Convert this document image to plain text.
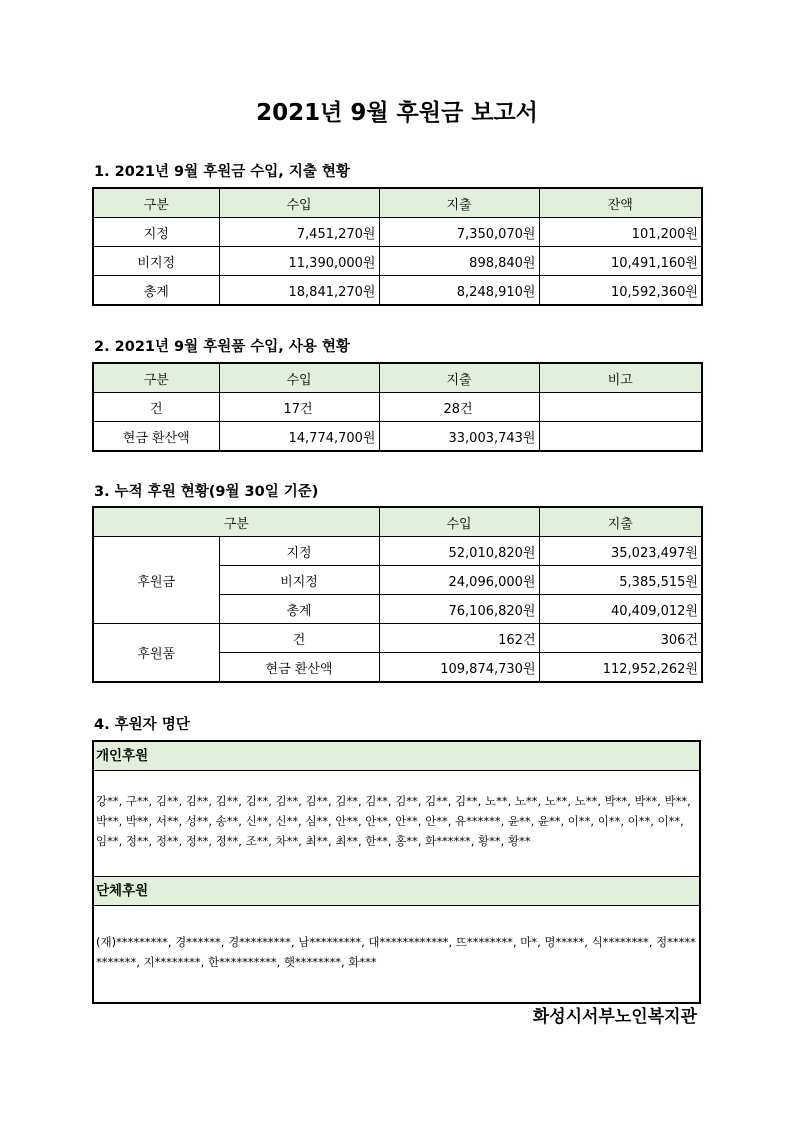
2021년 9월 후원금 보고서
1. 2021년 9월 후원금 수입, 지출 현황
구분	수입	지출	잔액
지정	7,451,270원	7,350,070원	101,200원
비지정	11,390,000원	898,840원	10,491,160원
총계	18,841,270원	8,248,910원	10,592,360원
2. 2021년 9월 후원품 수입, 사용 현황
구분	수입	지출	비고
건	17건	28건	
현금 환산액	14,774,700원	33,003,743원	
3. 누적 후원 현황(9월 30일 기준)
구분		수입	지출
후원금	지정	52,010,820원	35,023,497원
	비지정	24,096,000원	5,385,515원
	총계	76,106,820원	40,409,012원
후원품	건	162건	306건
	현금 환산액	109,874,730원	112,952,262원
4. 후원자 명단
개인후원
강**, 구**, 김**, 김**, 김**, 김**, 김**, 김**, 김**, 김**, 김**, 김**, 김**, 노**, 노**, 노**, 노**, 박**, 박**, 박**, 박**, 박**, 서**, 성**, 송**, 신**, 신**, 심**, 안**, 안**, 안**, 안**, 유******, 윤**, 윤**, 이**, 이**, 이**, 이**, 임**, 정**, 정**, 정**, 정**, 조**, 차**, 최**, 최**, 한**, 홍**, 화******, 황**, 황**
단체후원
(재)*********, 경******, 경*********, 남*********, 대************, 뜨********, 마*, 명*****, 식********, 정************, 지********, 한**********, 햇********, 화***
화성시서부노인복지관
